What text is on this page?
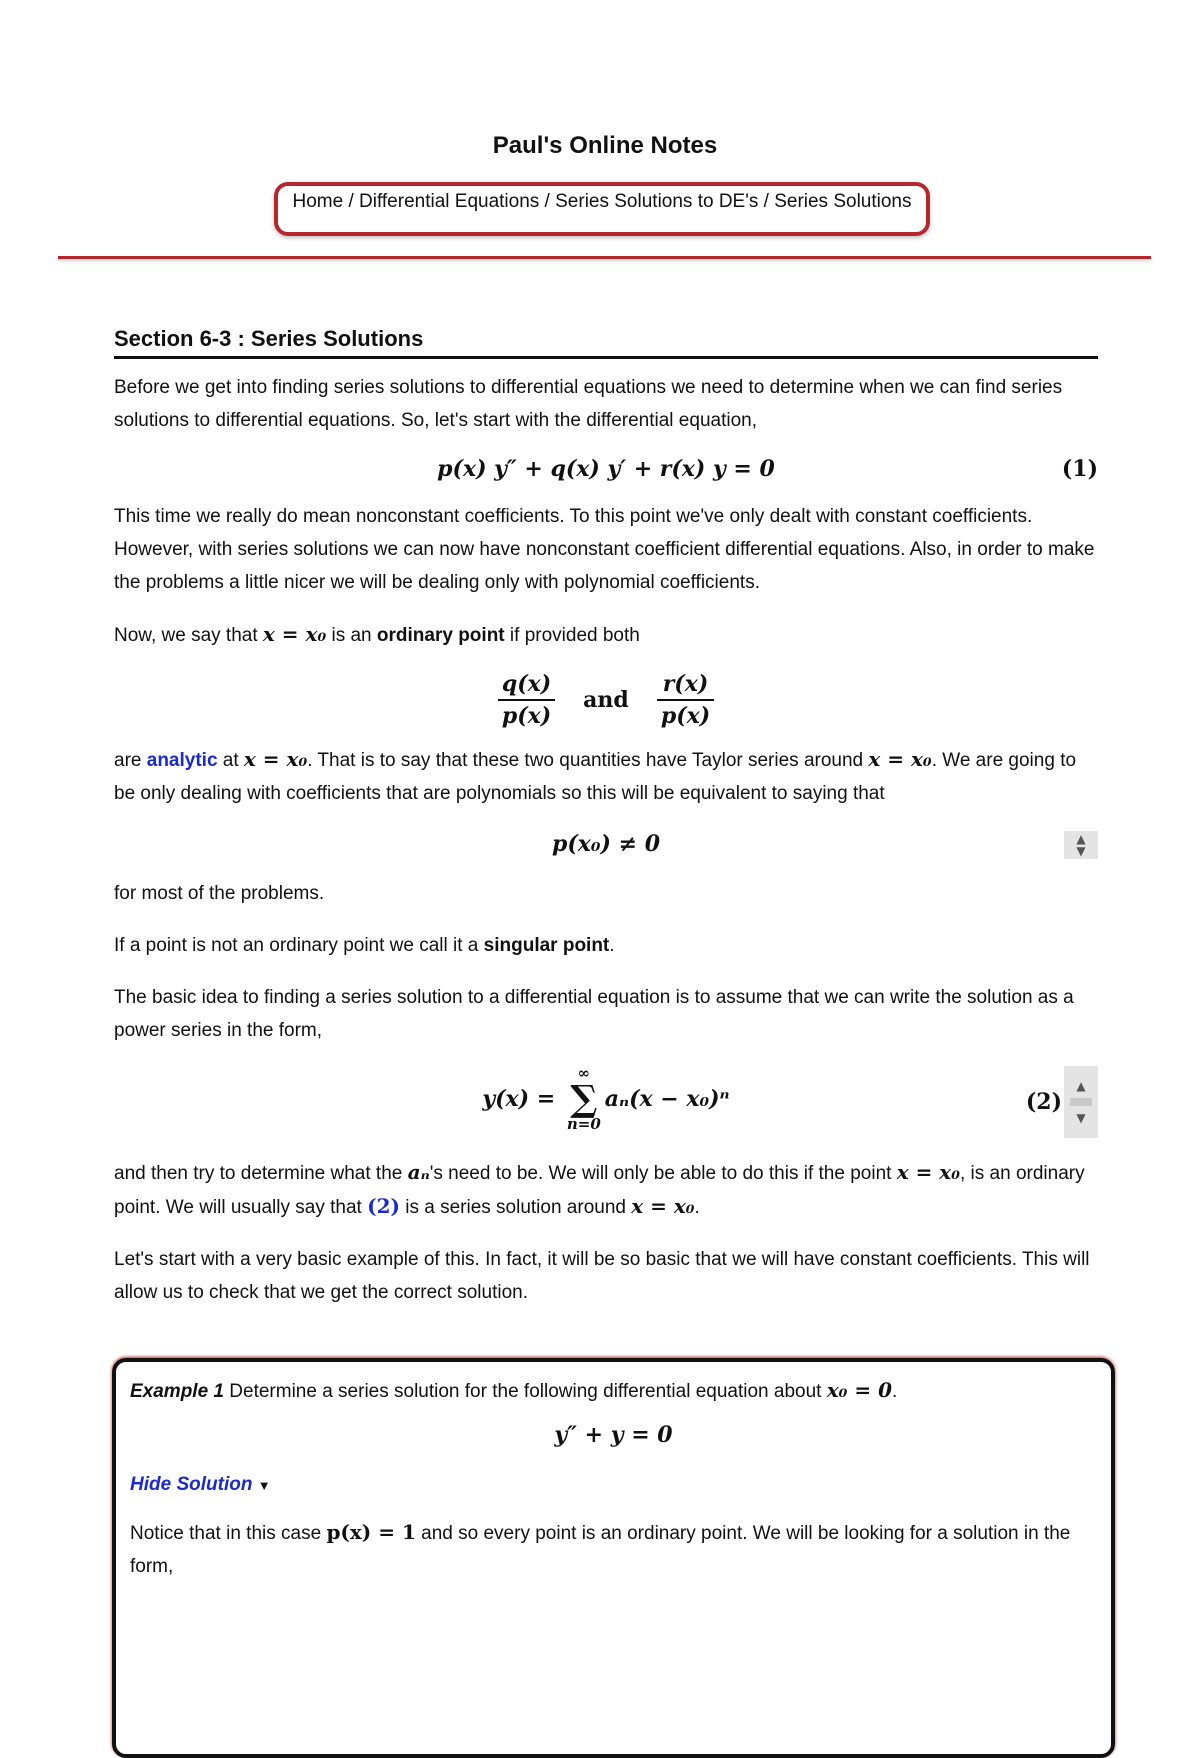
Paul's Online Notes
Home / Differential Equations / Series Solutions to DE's / Series Solutions
Section 6-3 : Series Solutions

Before we get into finding series solutions to differential equations we need to determine when we can find series solutions to differential equations. So, let's start with the differential equation,

p(x) y″ + q(x) y′ + r(x) y = 0	(1)

This time we really do mean nonconstant coefficients. To this point we've only dealt with constant coefficients. However, with series solutions we can now have nonconstant coefficient differential equations. Also, in order to make the problems a little nicer we will be dealing only with polynomial coefficients.

Now, we say that x = x₀ is an ordinary point if provided both

$\frac{q(x)}{p(x)}$ and $\frac{r(x)}{p(x)}$

are analytic at x = x₀. That is to say that these two quantities have Taylor series around x = x₀. We are going to be only dealing with coefficients that are polynomials so this will be equivalent to saying that

p(x₀) ≠ 0	▲
▼

for most of the problems.

If a point is not an ordinary point we call it a singular point.

The basic idea to finding a series solution to a differential equation is to assume that we can write the solution as a power series in the form,

y(x) =
∞
∑
n=0
aₙ(x − x₀)ⁿ	(2)
▲
▼

and then try to determine what the aₙ's need to be. We will only be able to do this if the point x = x₀, is an ordinary point. We will usually say that (2) is a series solution around x = x₀.

Let's start with a very basic example of this. In fact, it will be so basic that we will have constant coefficients. This will allow us to check that we get the correct solution.

Example 1 Determine a series solution for the following differential equation about x₀ = 0.

y″ + y = 0

Hide Solution ▼

Notice that in this case p(x) = 1 and so every point is an ordinary point. We will be looking for a solution in the form,
